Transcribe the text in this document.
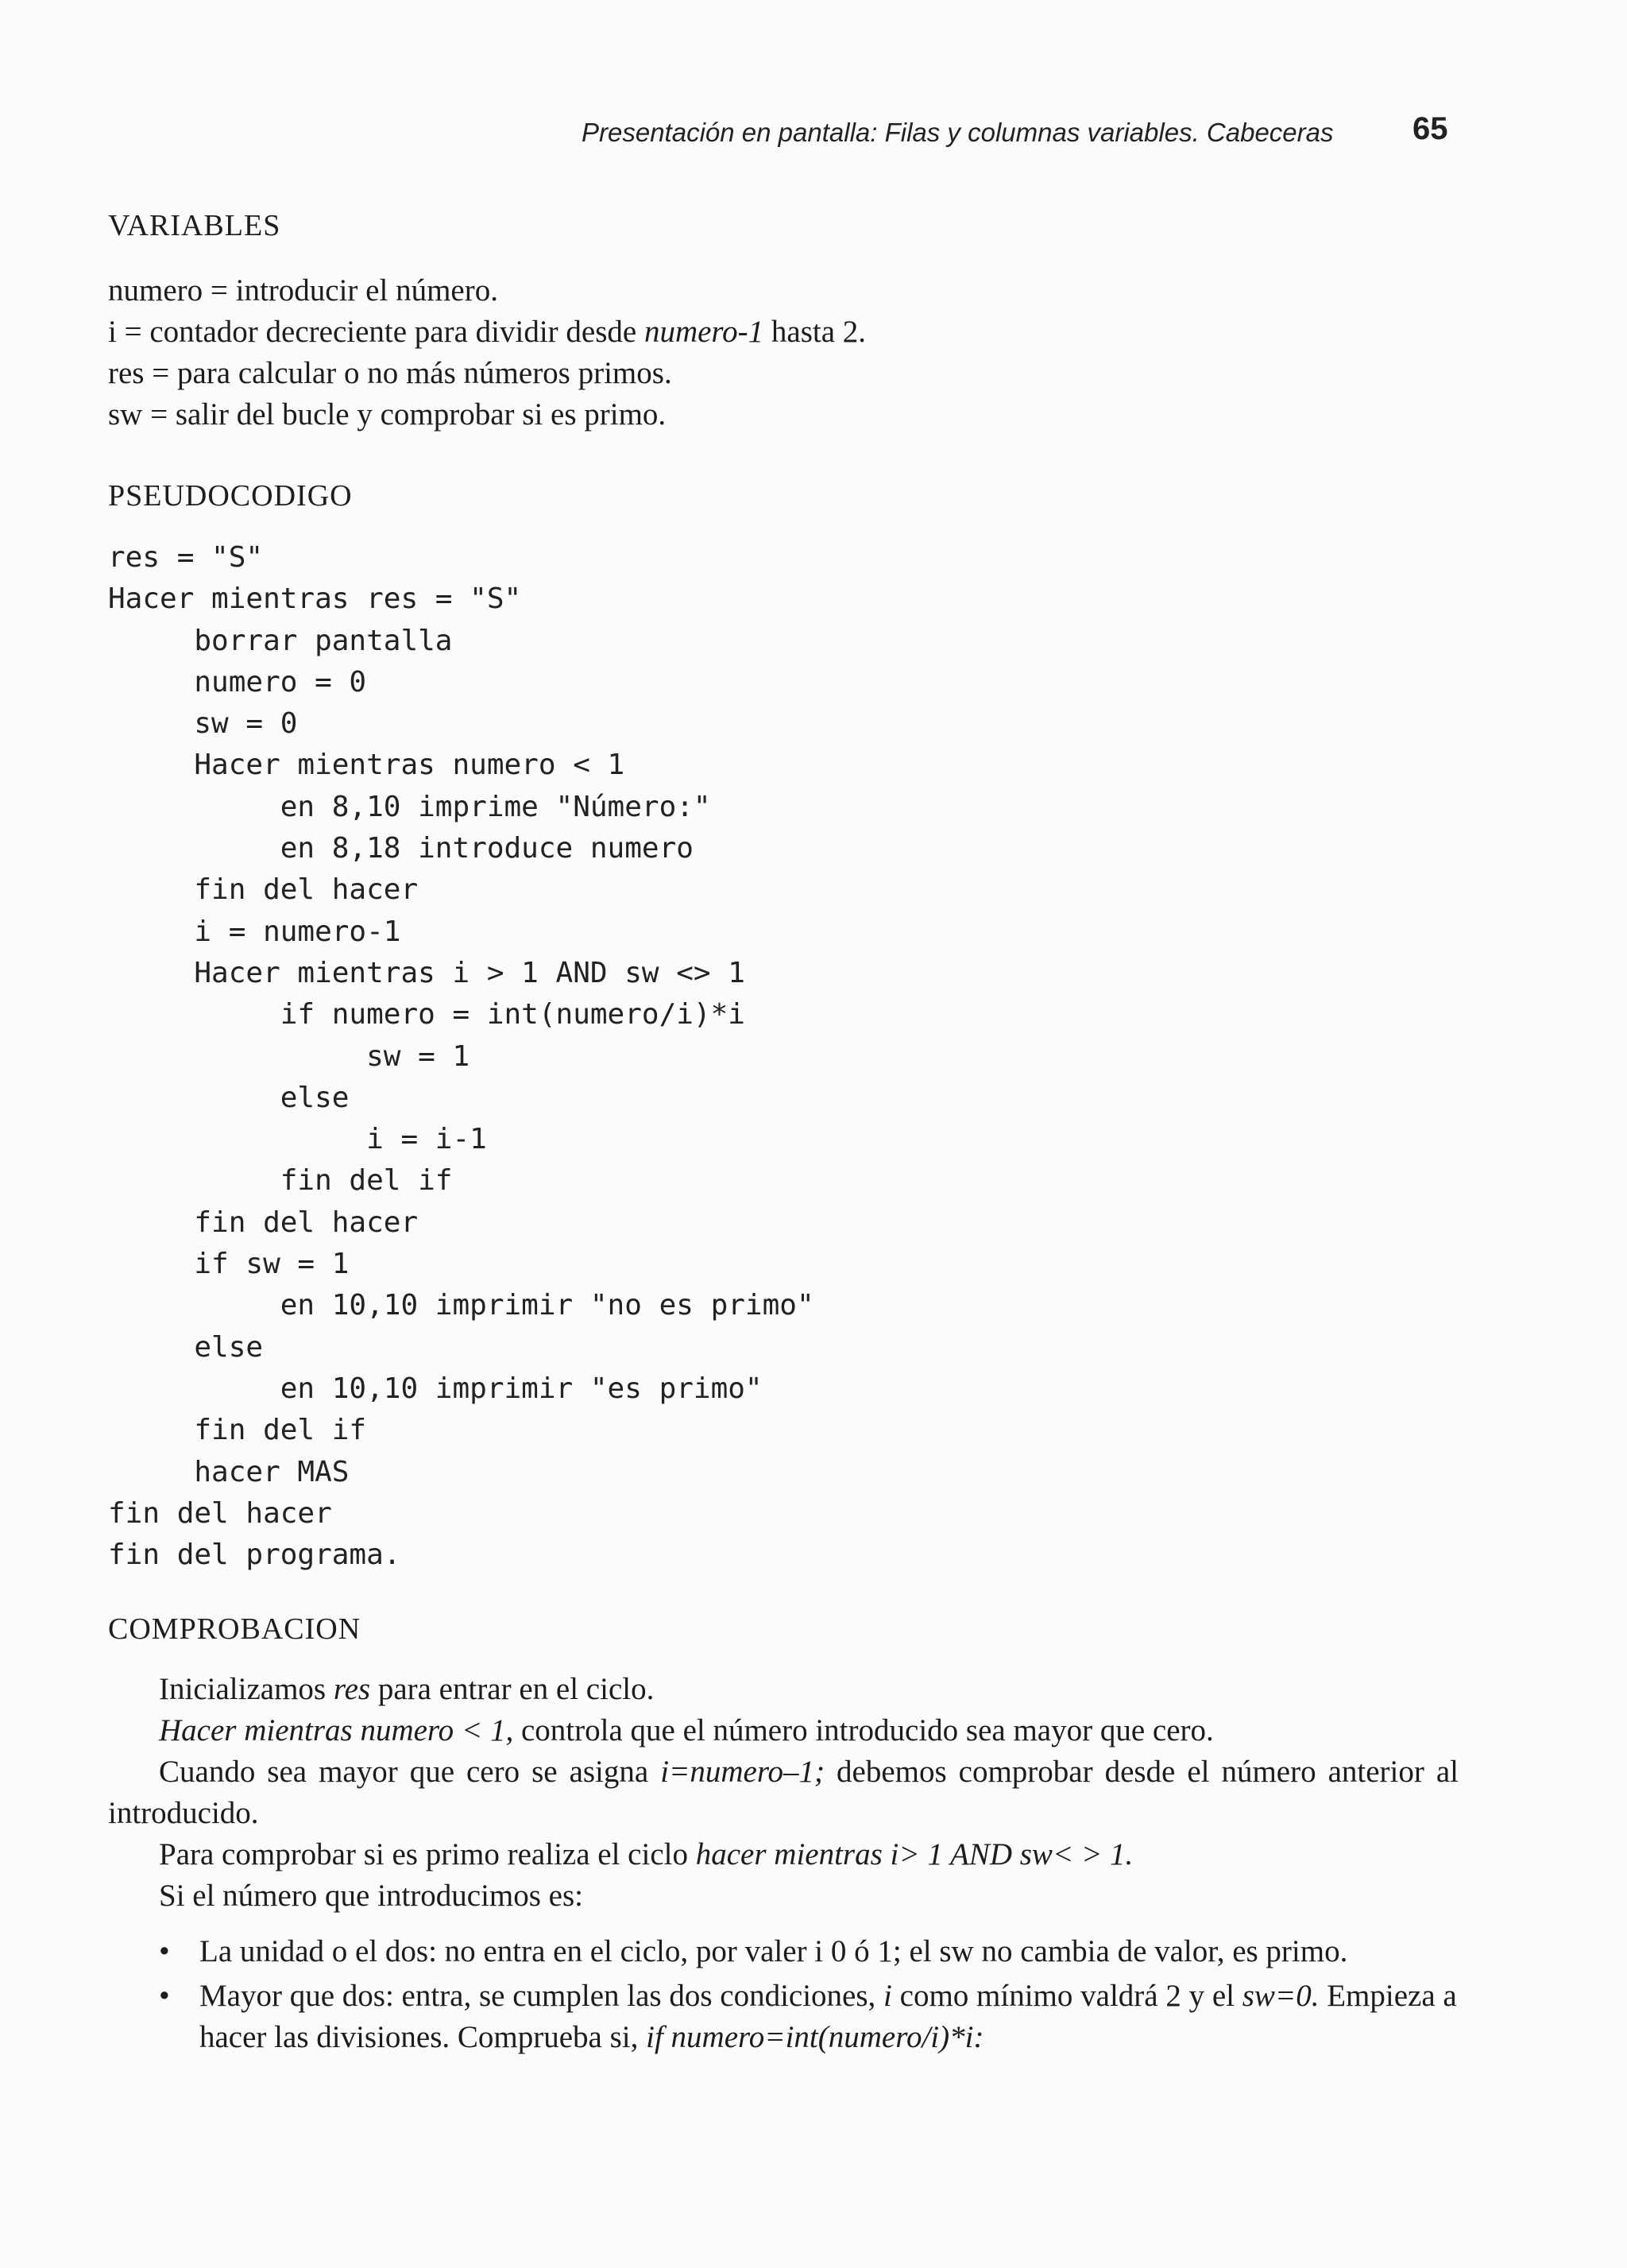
Presentación en pantalla: Filas y columnas variables. Cabeceras 65
VARIABLES
numero = introducir el número.
i = contador decreciente para dividir desde numero-1 hasta 2.
res = para calcular o no más números primos.
sw = salir del bucle y comprobar si es primo.
PSEUDOCODIGO
res = "S"
Hacer mientras res = "S"
borrar pantalla
numero = 0
sw = 0
Hacer mientras numero < 1
en 8,10 imprime "Número:"
en 8,18 introduce numero
fin del hacer
i = numero-1
Hacer mientras i > 1 AND sw <> 1
if numero = int(numero/i)*i
sw = 1
else
i = i-1
fin del if
fin del hacer
if sw = 1
en 10,10 imprimir "no es primo"
else
en 10,10 imprimir "es primo"
fin del if
hacer MAS
fin del hacer
fin del programa.
COMPROBACION
Inicializamos res para entrar en el ciclo.
Hacer mientras numero < 1, controla que el número introducido sea mayor que cero.
Cuando sea mayor que cero se asigna i=numero–1; debemos comprobar desde el número anterior al introducido.
Para comprobar si es primo realiza el ciclo hacer mientras i> 1 AND sw< > 1.
Si el número que introducimos es:
• La unidad o el dos: no entra en el ciclo, por valer i 0 ó 1; el sw no cambia de valor, es primo.
• Mayor que dos: entra, se cumplen las dos condiciones, i como mínimo valdrá 2 y el sw=0. Empieza a hacer las divisiones. Comprueba si, if numero=int(numero/i)*i:
